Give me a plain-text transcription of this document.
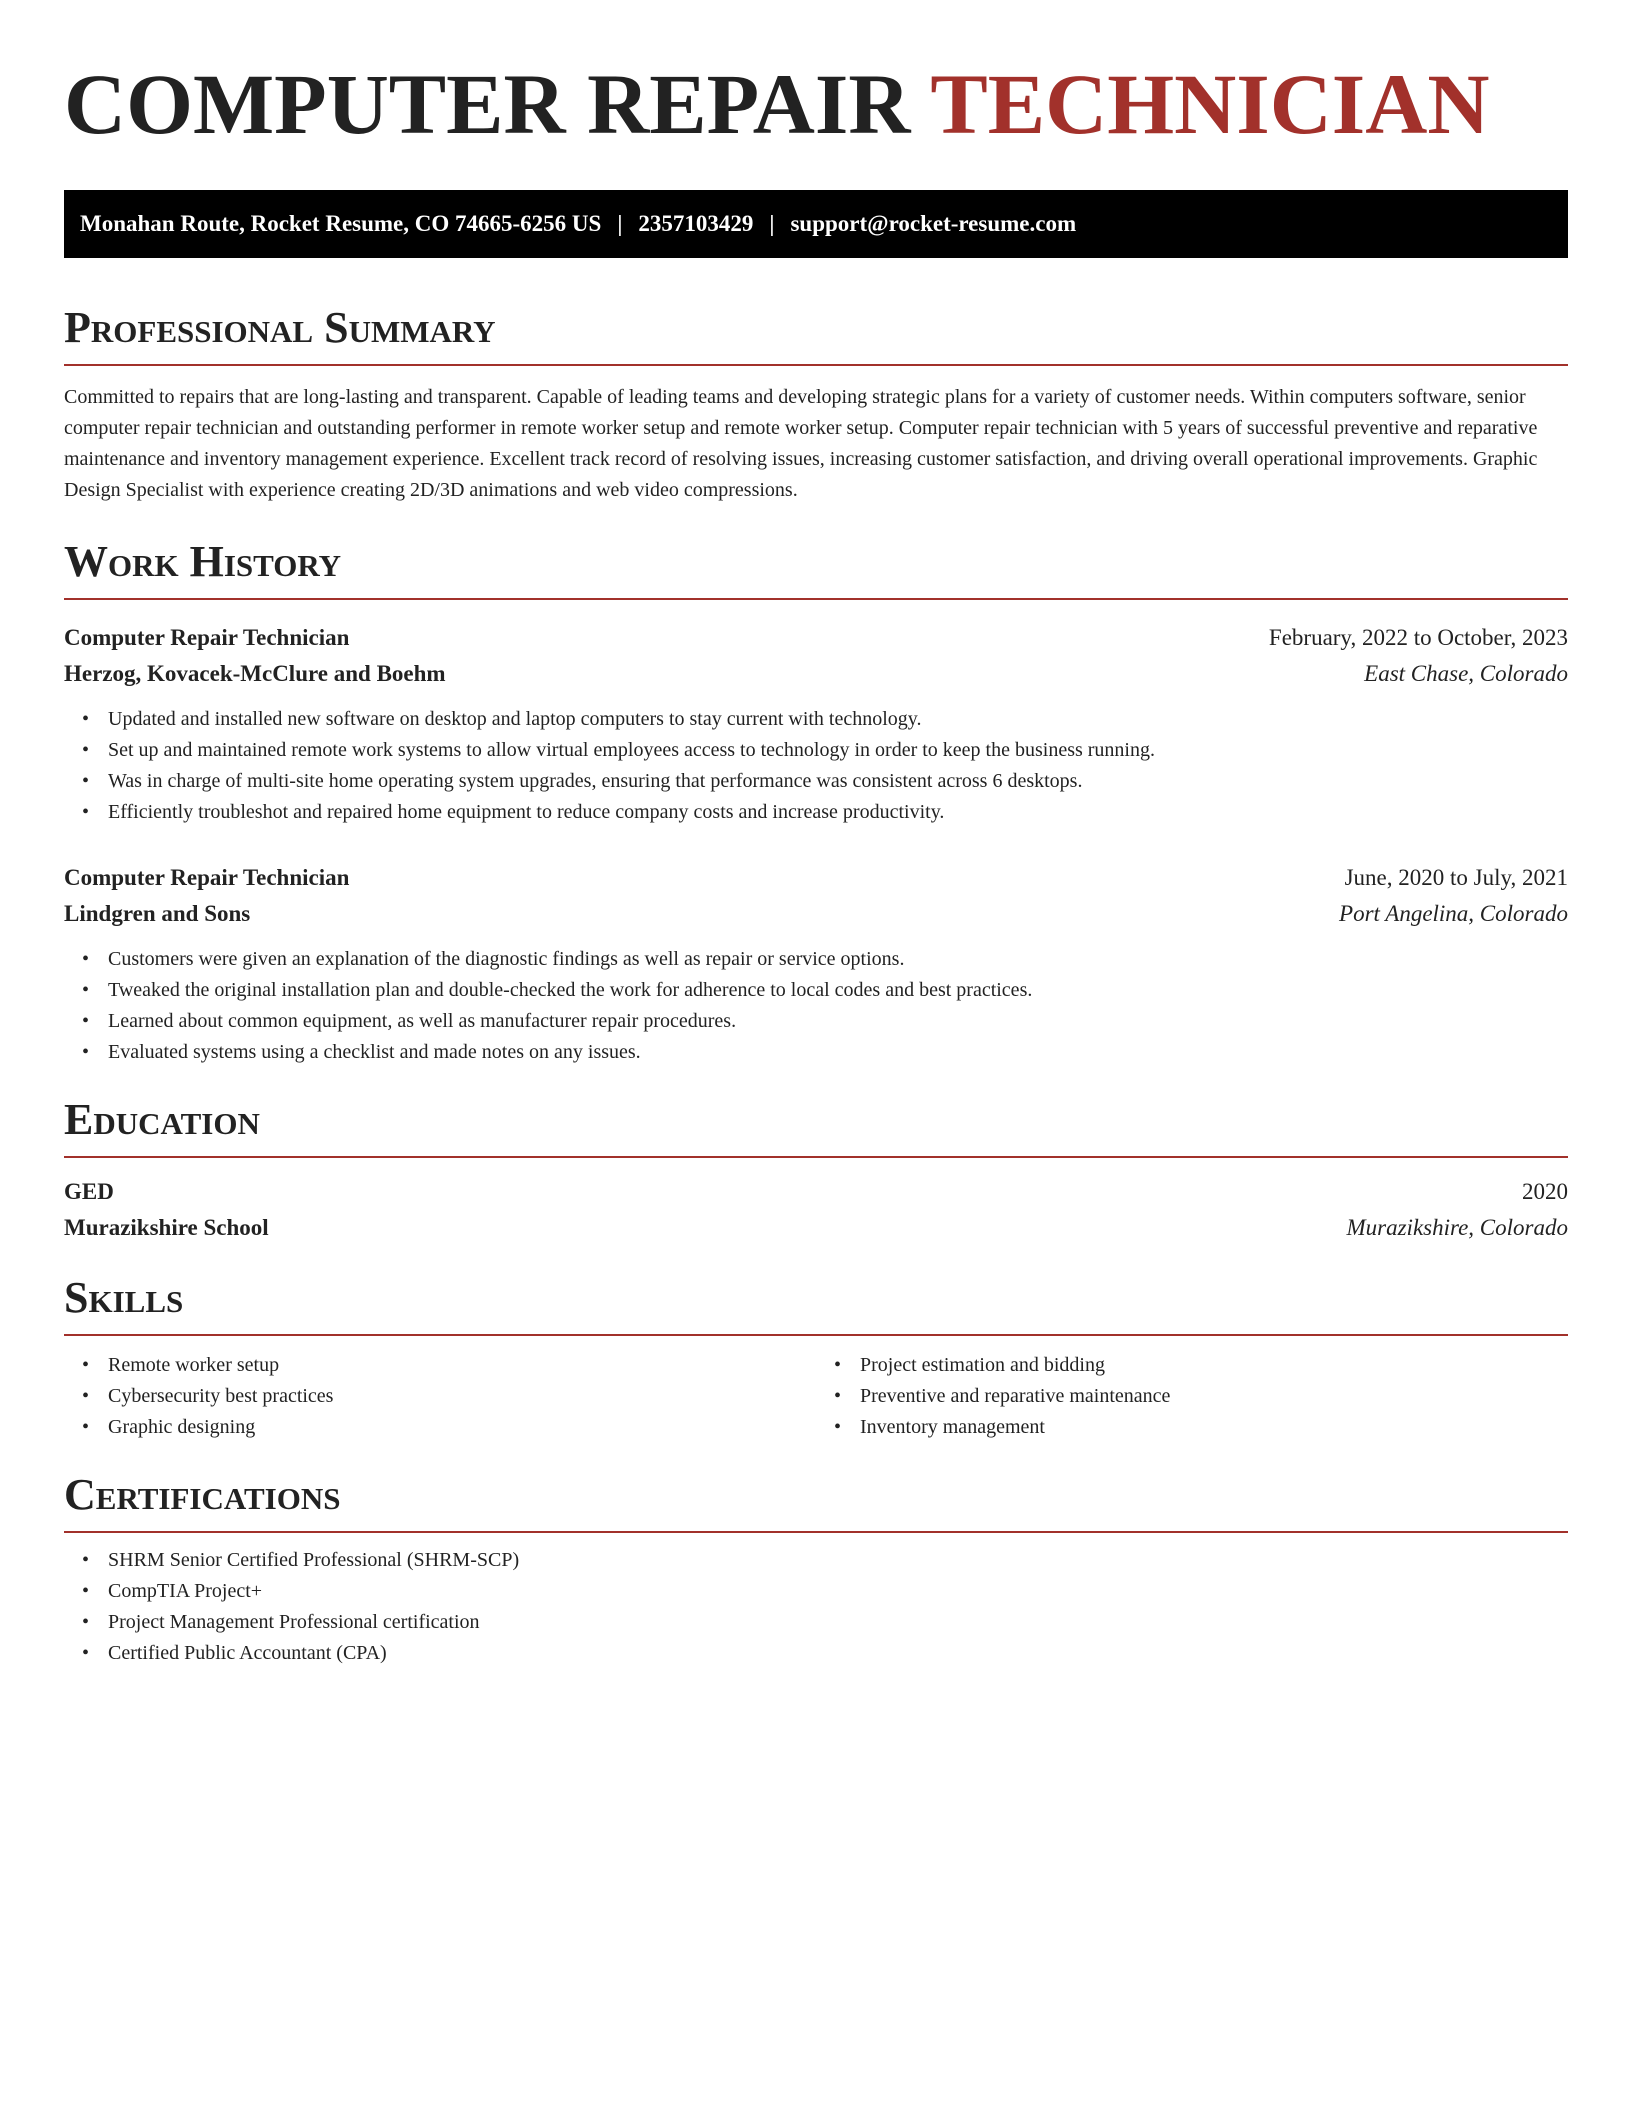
COMPUTER REPAIR TECHNICIAN
Monahan Route, Rocket Resume, CO 74665-6256 US | 2357103429 | support@rocket-resume.com
Professional Summary

Committed to repairs that are long-lasting and transparent. Capable of leading teams and developing strategic plans for a variety of customer needs. Within computers software, senior computer repair technician and outstanding performer in remote worker setup and remote worker setup. Computer repair technician with 5 years of successful preventive and reparative maintenance and inventory management experience. Excellent track record of resolving issues, increasing customer satisfaction, and driving overall operational improvements. Graphic Design Specialist with experience creating 2D/3D animations and web video compressions.

Work History
Computer Repair Technician	February, 2022 to October, 2023
Herzog, Kovacek-McClure and Boehm	East Chase, Colorado
• Updated and installed new software on desktop and laptop computers to stay current with technology.
• Set up and maintained remote work systems to allow virtual employees access to technology in order to keep the business running.
• Was in charge of multi-site home operating system upgrades, ensuring that performance was consistent across 6 desktops.
• Efficiently troubleshot and repaired home equipment to reduce company costs and increase productivity.
Computer Repair Technician	June, 2020 to July, 2021
Lindgren and Sons	Port Angelina, Colorado
• Customers were given an explanation of the diagnostic findings as well as repair or service options.
• Tweaked the original installation plan and double-checked the work for adherence to local codes and best practices.
• Learned about common equipment, as well as manufacturer repair procedures.
• Evaluated systems using a checklist and made notes on any issues.
Education
GED	2020
Murazikshire School	Murazikshire, Colorado
Skills
• Remote worker setup
• Cybersecurity best practices
• Graphic designing
• Project estimation and bidding
• Preventive and reparative maintenance
• Inventory management
Certifications
• SHRM Senior Certified Professional (SHRM-SCP)
• CompTIA Project+
• Project Management Professional certification
• Certified Public Accountant (CPA)
